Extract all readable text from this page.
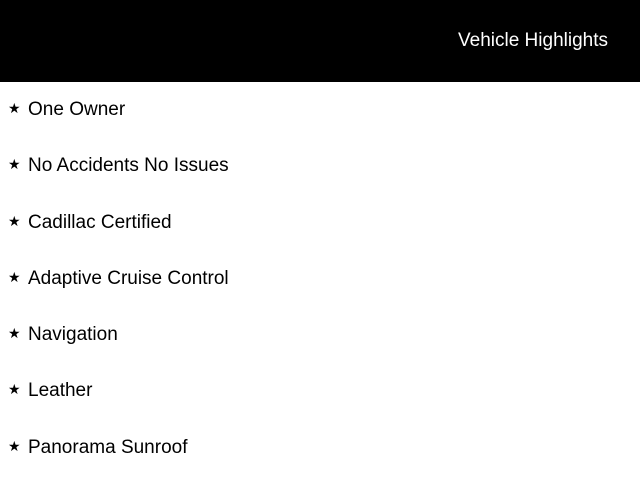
Vehicle Highlights
★ One Owner
★ No Accidents No Issues
★ Cadillac Certified
★ Adaptive Cruise Control
★ Navigation
★ Leather
★ Panorama Sunroof
